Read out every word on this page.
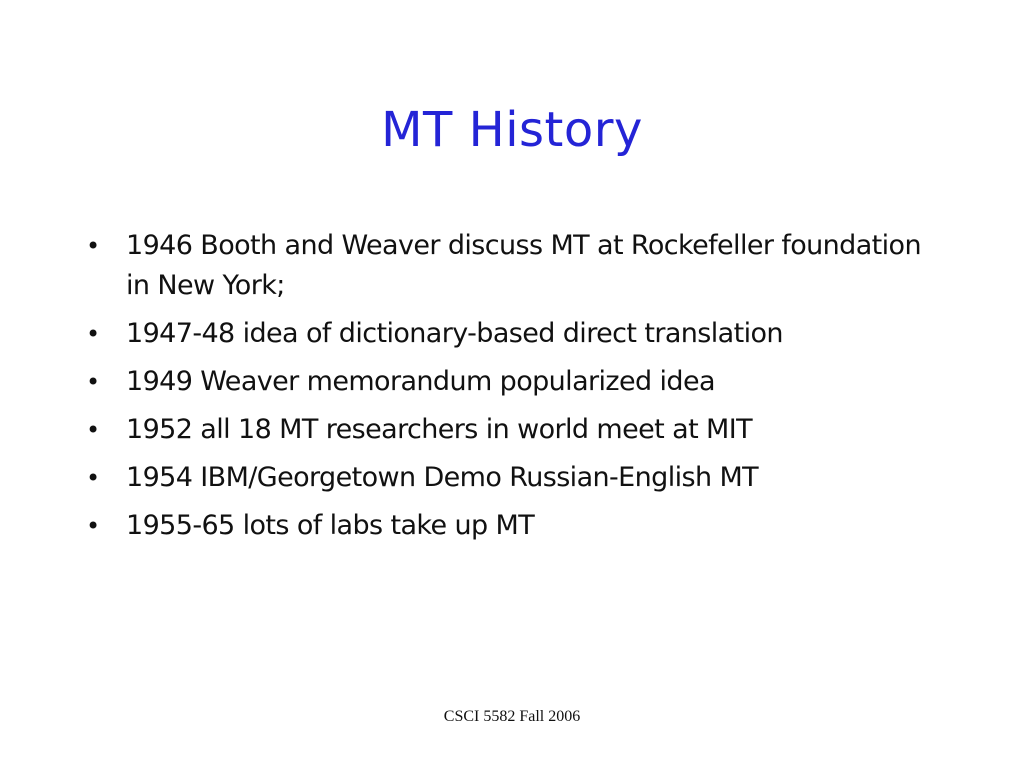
MT History
• 1946 Booth and Weaver discuss MT at Rockefeller foundation in New York;
• 1947-48 idea of dictionary-based direct translation
• 1949 Weaver memorandum popularized idea
• 1952 all 18 MT researchers in world meet at MIT
• 1954 IBM/Georgetown Demo Russian-English MT
• 1955-65 lots of labs take up MT
CSCI 5582 Fall 2006
